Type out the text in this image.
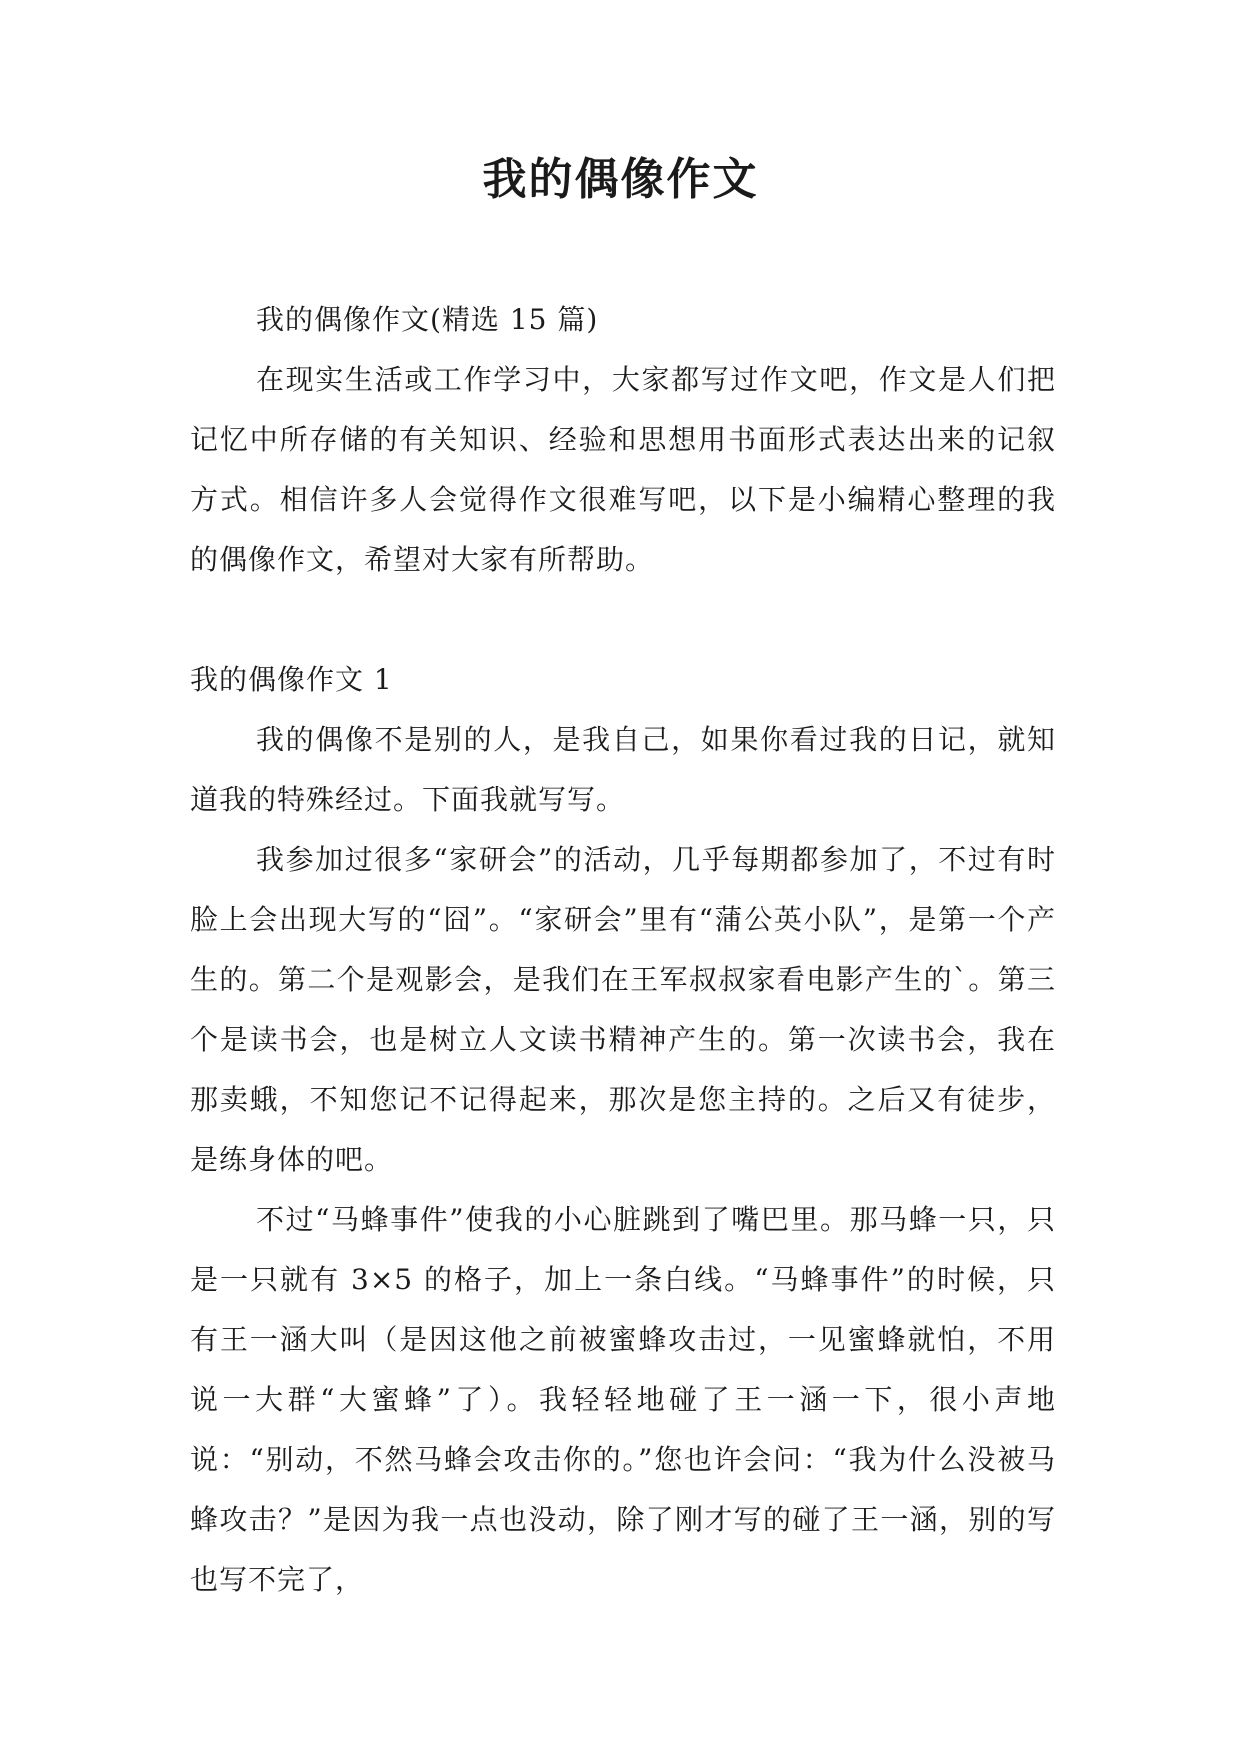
我的偶像作文

我的偶像作文(精选 15 篇)

在现实生活或工作学习中，大家都写过作文吧，作文是人们把记忆中所存储的有关知识、经验和思想用书面形式表达出来的记叙方式。相信许多人会觉得作文很难写吧，以下是小编精心整理的我的偶像作文，希望对大家有所帮助。

我的偶像作文 1

我的偶像不是别的人，是我自己，如果你看过我的日记，就知道我的特殊经过。下面我就写写。

我参加过很多“家研会”的活动，几乎每期都参加了，不过有时脸上会出现大写的“囧”。“家研会”里有“蒲公英小队”，是第一个产生的。第二个是观影会，是我们在王军叔叔家看电影产生的`。第三个是读书会，也是树立人文读书精神产生的。第一次读书会，我在那卖蛾，不知您记不记得起来，那次是您主持的。之后又有徒步，是练身体的吧。

不过“马蜂事件”使我的小心脏跳到了嘴巴里。那马蜂一只，只是一只就有 3×5 的格子，加上一条白线。“马蜂事件”的时候，只有王一涵大叫（是因这他之前被蜜蜂攻击过，一见蜜蜂就怕，不用说一大群“大蜜蜂”了）。我轻轻地碰了王一涵一下，很小声地说：“别动，不然马蜂会攻击你的。”您也许会问：“我为什么没被马蜂攻击？”是因为我一点也没动，除了刚才写的碰了王一涵，别的写也写不完了，
